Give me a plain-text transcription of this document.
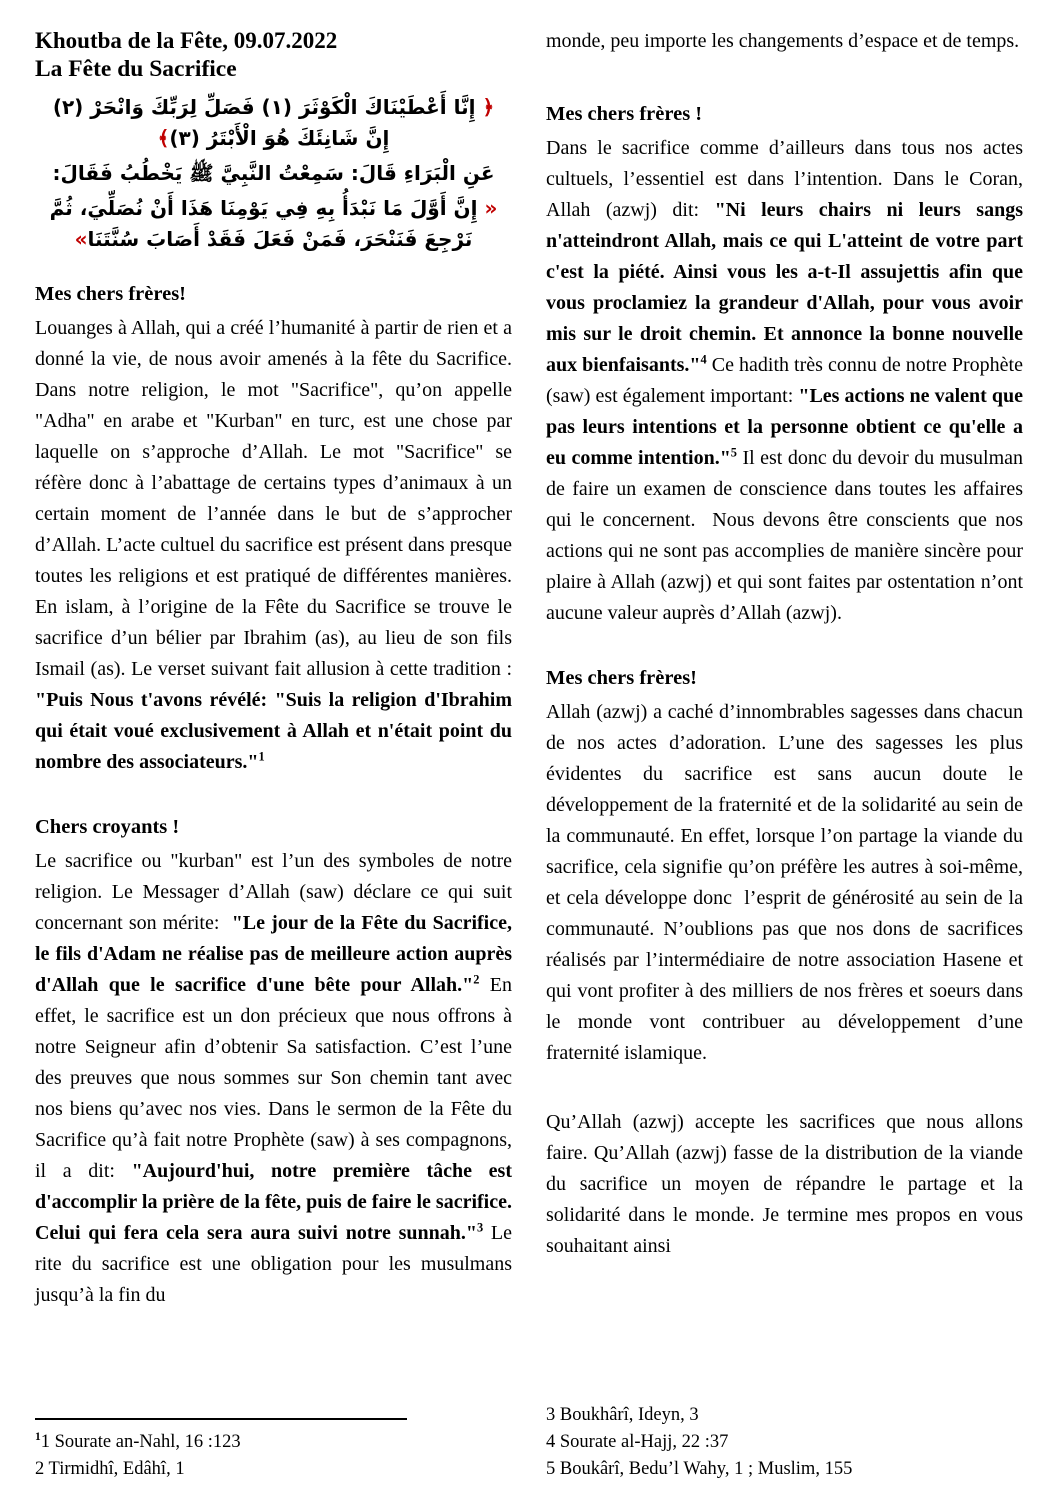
Khoutba de la Fête, 09.07.2022

La Fête du Sacrifice

﴿ إِنَّا أَعْطَيْنَاكَ الْكَوْثَرَ (١) فَصَلِّ لِرَبِّكَ وَانْحَرْ (٢) إِنَّ شَانِئَكَ هُوَ الْأَبْتَرُ (٣)﴾

عَنِ الْبَرَاءِ قَالَ: سَمِعْتُ النَّبِيَّ ﷺ يَخْطُبُ فَقَالَ:

« إِنَّ أَوَّلَ مَا نَبْدَأُ بِهِ فِي يَوْمِنَا هَذَا أَنْ نُصَلِّيَ، ثُمَّ نَرْجِعَ فَنَنْحَرَ، فَمَنْ فَعَلَ فَقَدْ أَصَابَ سُنَّتَنَا»

Mes chers frères!

Louanges à Allah, qui a créé l’humanité à partir de rien et a donné la vie, de nous avoir amenés à la fête du Sacrifice. Dans notre religion, le mot "Sacrifice", qu’on appelle "Adha" en arabe et "Kurban" en turc, est une chose par laquelle on s’approche d’Allah. Le mot "Sacrifice" se réfère donc à l’abattage de certains types d’animaux à un certain moment de l’année dans le but de s’approcher d’Allah. L’acte cultuel du sacrifice est présent dans presque toutes les religions et est pratiqué de différentes manières. En islam, à l’origine de la Fête du Sacrifice se trouve le sacrifice d’un bélier par Ibrahim (as), au lieu de son fils Ismail (as). Le verset suivant fait allusion à cette tradition : "Puis Nous t'avons révélé: "Suis la religion d'Ibrahim qui était voué exclusivement à Allah et n'était point du nombre des associateurs."$^1$

Chers croyants !

Le sacrifice ou "kurban" est l’un des symboles de notre religion. Le Messager d’Allah (saw) déclare ce qui suit concernant son mérite:  "Le jour de la Fête du Sacrifice, le fils d'Adam ne réalise pas de meilleure action auprès d'Allah que le sacrifice d'une bête pour Allah."$^2$ En effet, le sacrifice est un don précieux que nous offrons à notre Seigneur afin d’obtenir Sa satisfaction. C’est l’une des preuves que nous sommes sur Son chemin tant avec nos biens qu’avec nos vies. Dans le sermon de la Fête du Sacrifice qu’à fait notre Prophète (saw) à ses compagnons, il a dit: "Aujourd'hui, notre première tâche est d'accomplir la prière de la fête, puis de faire le sacrifice. Celui qui fera cela sera aura suivi notre sunnah."$^3$ Le rite du sacrifice est une obligation pour les musulmans jusqu’à la fin du

$^1$1 Sourate an-Nahl, 16 :123

2 Tirmidhî, Edâhî, 1

monde, peu importe les changements d’espace et de temps.

Mes chers frères !

Dans le sacrifice comme d’ailleurs dans tous nos actes cultuels, l’essentiel est dans l’intention. Dans le Coran, Allah (azwj) dit: "Ni leurs chairs ni leurs sangs n'atteindront Allah, mais ce qui L'atteint de votre part c'est la piété. Ainsi vous les a-t-Il assujettis afin que vous proclamiez la grandeur d'Allah, pour vous avoir mis sur le droit chemin. Et annonce la bonne nouvelle aux bienfaisants."$^4$ Ce hadith très connu de notre Prophète (saw) est également important: "Les actions ne valent que pas leurs intentions et la personne obtient ce qu'elle a eu comme intention."$^5$ Il est donc du devoir du musulman de faire un examen de conscience dans toutes les affaires qui le concernent.  Nous devons être conscients que nos actions qui ne sont pas accomplies de manière sincère pour plaire à Allah (azwj) et qui sont faites par ostentation n’ont aucune valeur auprès d’Allah (azwj).

Mes chers frères!

Allah (azwj) a caché d’innombrables sagesses dans chacun de nos actes d’adoration. L’une des sagesses les plus évidentes du sacrifice est sans aucun doute le développement de la fraternité et de la solidarité au sein de la communauté. En effet, lorsque l’on partage la viande du sacrifice, cela signifie qu’on préfère les autres à soi-même, et cela développe donc  l’esprit de générosité au sein de la communauté. N’oublions pas que nos dons de sacrifices réalisés par l’intermédiaire de notre association Hasene et qui vont profiter à des milliers de nos frères et soeurs dans le monde vont contribuer au développement d’une fraternité islamique.

Qu’Allah (azwj) accepte les sacrifices que nous allons faire. Qu’Allah (azwj) fasse de la distribution de la viande du sacrifice un moyen de répandre le partage et la solidarité dans le monde. Je termine mes propos en vous souhaitant ainsi

3 Boukhârî, Ideyn, 3

4 Sourate al-Hajj, 22 :37

5 Boukârî, Bedu’l Wahy, 1 ; Muslim, 155
